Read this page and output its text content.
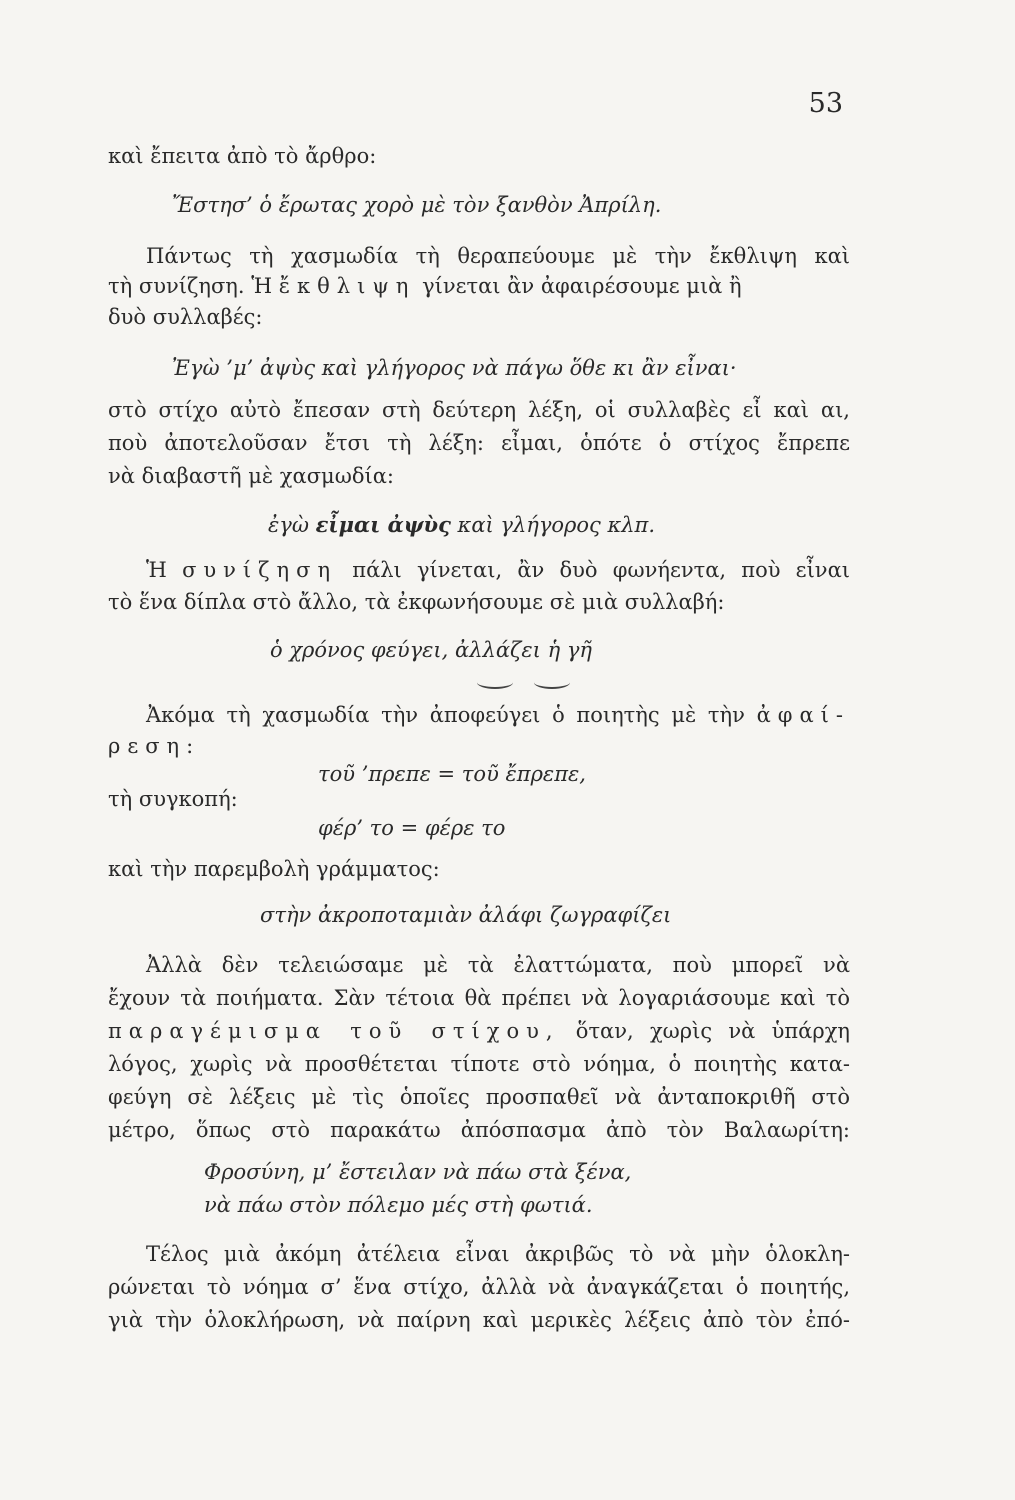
53
καὶ ἔπειτα ἀπὸ τὸ ἄρθρο:
Ἔστησ’ ὁ ἔρωτας χορὸ μὲ τὸν ξανθὸν Ἀπρίλη.
Πάντως τὴ χασμωδία τὴ θεραπεύουμε μὲ τὴν ἔκθλιψη καὶ
τὴ συνίζηση. Ἡ ἔκθλιψη γίνεται ἂν ἀφαιρέσουμε μιὰ ἢ
δυὸ συλλαβές:
Ἐγὼ ’μ’ ἀψὺς καὶ γλήγορος νὰ πάγω ὅθε κι ἂν εἶναι·
στὸ στίχο αὐτὸ ἔπεσαν στὴ δεύτερη λέξη, οἱ συλλαβὲς εἶ καὶ αι,
ποὺ ἀποτελοῦσαν ἔτσι τὴ λέξη: εἶμαι, ὁπότε ὁ στίχος ἔπρεπε
νὰ διαβαστῆ μὲ χασμωδία:
ἐγὼ εἶμαι ἀψὺς καὶ γλήγορος κλπ.
Ἡ συνίζηση πάλι γίνεται, ἂν δυὸ φωνήεντα, ποὺ εἶναι
τὸ ἕνα δίπλα στὸ ἄλλο, τὰ ἐκφωνήσουμε σὲ μιὰ συλλαβή:
ὁ χρόνος φεύγει, ἀλλάζει ἡ γῆ
Ἀκόμα τὴ χασμωδία τὴν ἀποφεύγει ὁ ποιητὴς μὲ τὴν ἀφαί-
ρεση:
τοῦ ’πρεπε = τοῦ ἔπρεπε,
τὴ συγκοπή:
φέρ’ το = φέρε το
καὶ τὴν παρεμβολὴ γράμματος:
στὴν ἀκροποταμιὰν ἀλάφι ζωγραφίζει
Ἀλλὰ δὲν τελειώσαμε μὲ τὰ ἐλαττώματα, ποὺ μπορεῖ νὰ
ἔχουν τὰ ποιήματα. Σὰν τέτοια θὰ πρέπει νὰ λογαριάσουμε καὶ τὸ
παραγέμισμα τοῦ στίχου, ὅταν, χωρὶς νὰ ὑπάρχη
λόγος, χωρὶς νὰ προσθέτεται τίποτε στὸ νόημα, ὁ ποιητὴς κατα-
φεύγη σὲ λέξεις μὲ τὶς ὁποῖες προσπαθεῖ νὰ ἀνταποκριθῆ στὸ
μέτρο, ὅπως στὸ παρακάτω ἀπόσπασμα ἀπὸ τὸν Βαλαωρίτη:
Φροσύνη, μ’ ἔστειλαν νὰ πάω στὰ ξένα,
νὰ πάω στὸν πόλεμο μές στὴ φωτιά.
Τέλος μιὰ ἀκόμη ἀτέλεια εἶναι ἀκριβῶς τὸ νὰ μὴν ὁλοκλη-
ρώνεται τὸ νόημα σ’ ἕνα στίχο, ἀλλὰ νὰ ἀναγκάζεται ὁ ποιητής,
γιὰ τὴν ὁλοκλήρωση, νὰ παίρνη καὶ μερικὲς λέξεις ἀπὸ τὸν ἐπό-
